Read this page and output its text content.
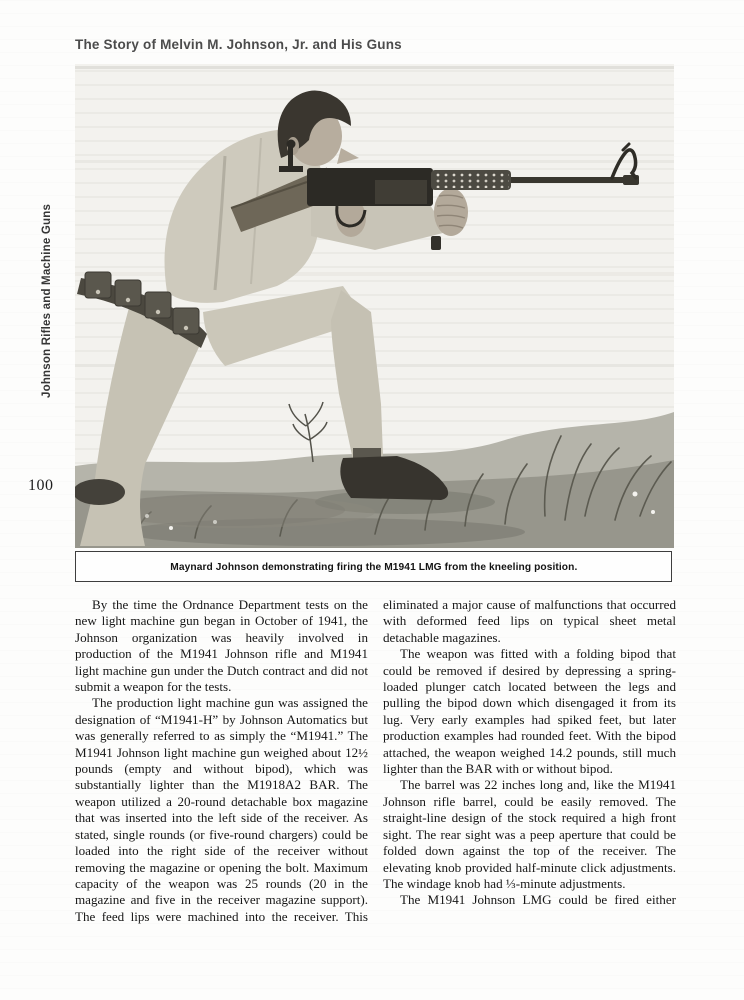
The Story of Melvin M. Johnson, Jr. and His Guns
Johnson Rifles and Machine Guns
100
Maynard Johnson demonstrating firing the M1941 LMG from the kneeling position.

By the time the Ordnance Department tests on the new light machine gun began in October of 1941, the Johnson organization was heavily involved in production of the M1941 Johnson rifle and M1941 light machine gun under the Dutch contract and did not submit a weapon for the tests.

The production light machine gun was assigned the designation of “M1941-H” by Johnson Automatics but was generally referred to as simply the “M1941.” The M1941 Johnson light machine gun weighed about 12½ pounds (empty and without bipod), which was substantially lighter than the M1918A2 BAR. The weapon utilized a 20-round detachable box magazine that was inserted into the left side of the receiver. As stated, single rounds (or five-round chargers) could be loaded into the right side of the receiver without removing the magazine or opening the bolt. Maximum capacity of the weapon was 25 rounds (20 in the magazine and five in the receiver magazine support). The feed lips were machined into the receiver. This

eliminated a major cause of malfunctions that occurred with deformed feed lips on typical sheet metal detachable magazines.

The weapon was fitted with a folding bipod that could be removed if desired by depressing a spring-loaded plunger catch located between the legs and pulling the bipod down which disengaged it from its lug. Very early examples had spiked feet, but later production examples had rounded feet. With the bipod attached, the weapon weighed 14.2 pounds, still much lighter than the BAR with or without bipod.

The barrel was 22 inches long and, like the M1941 Johnson rifle barrel, could be easily removed. The straight-line design of the stock required a high front sight. The rear sight was a peep aperture that could be folded down against the top of the receiver. The elevating knob provided half-minute click adjustments. The windage knob had ⅓-minute adjustments.

The M1941 Johnson LMG could be fired either
